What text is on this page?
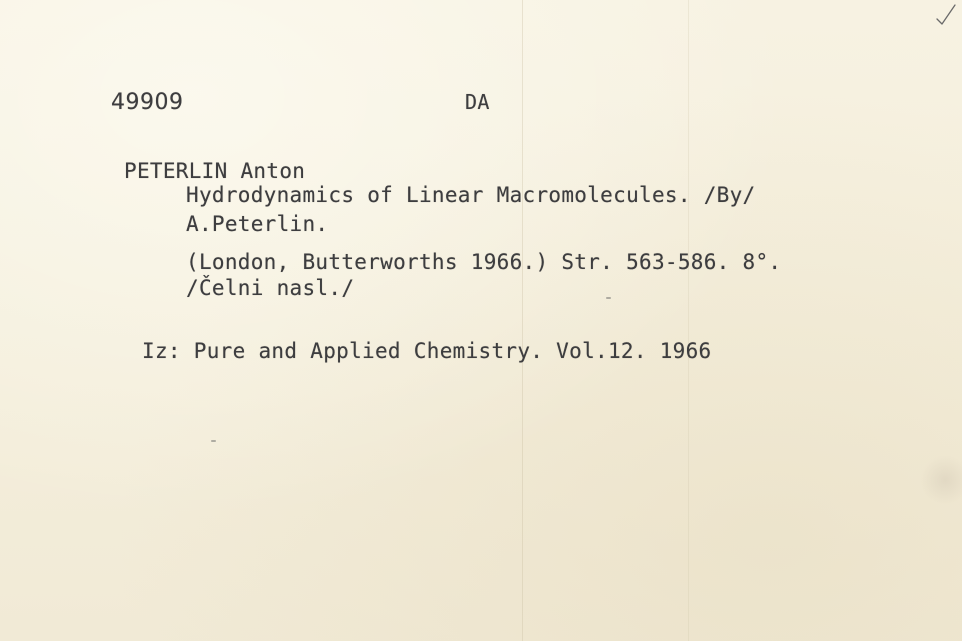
49909	DA
PETERLIN Anton
Hydrodynamics of Linear Macromolecules. /By/
A.Peterlin.
(London, Butterworths 1966.) Str. 563-586. 8°.
/Čelni nasl./
Iz: Pure and Applied Chemistry. Vol.12. 1966
